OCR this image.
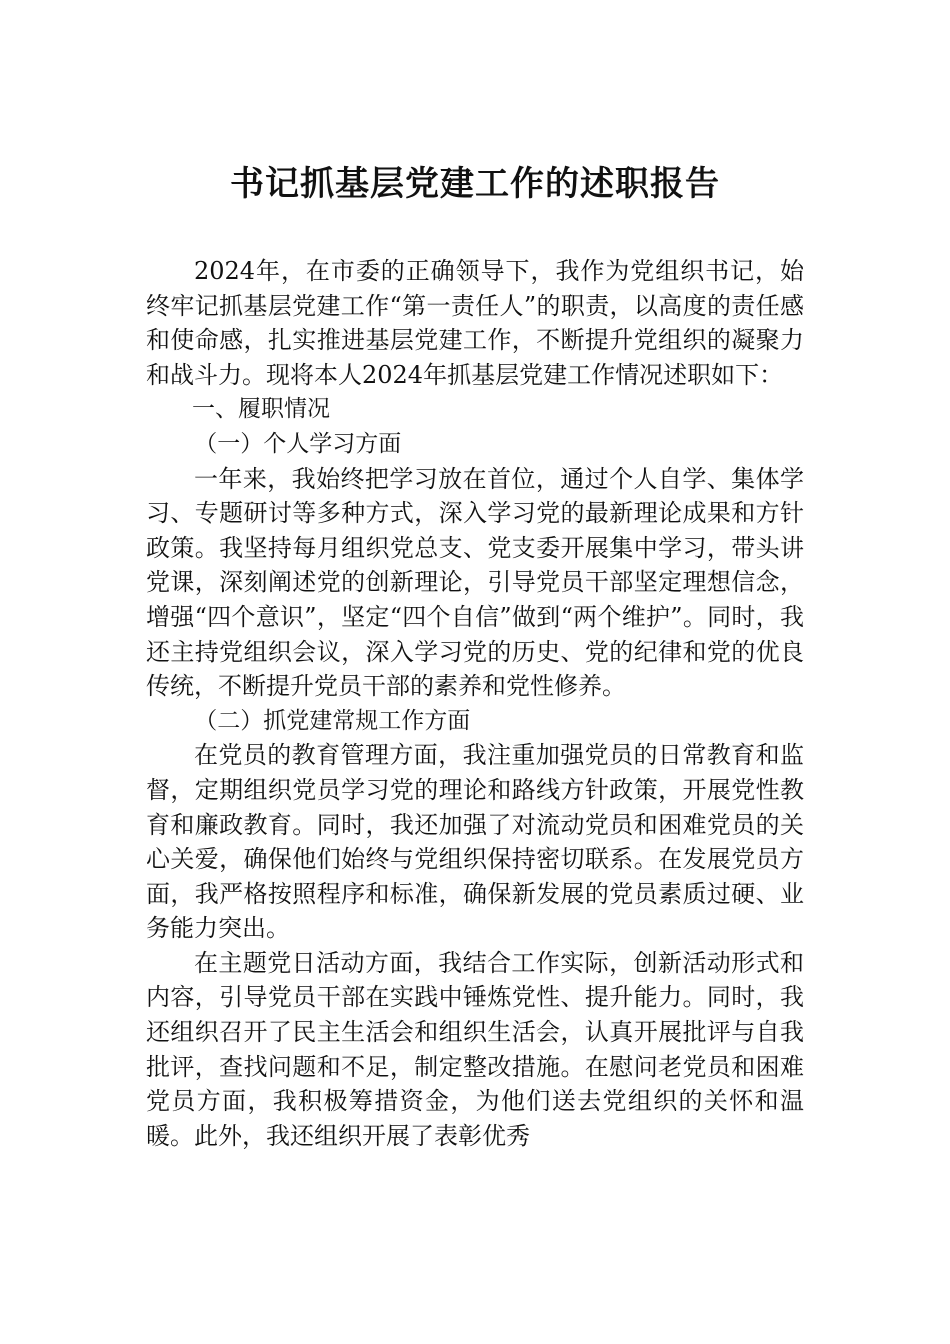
书记抓基层党建工作的述职报告

2024年，在市委的正确领导下，我作为党组织书记，始终牢记抓基层党建工作“第一责任人”的职责，以高度的责任感和使命感，扎实推进基层党建工作，不断提升党组织的凝聚力和战斗力。现将本人2024年抓基层党建工作情况述职如下：

一、履职情况

（一）个人学习方面

一年来，我始终把学习放在首位，通过个人自学、集体学习、专题研讨等多种方式，深入学习党的最新理论成果和方针政策。我坚持每月组织党总支、党支委开展集中学习，带头讲党课，深刻阐述党的创新理论，引导党员干部坚定理想信念，增强“四个意识”，坚定“四个自信”做到“两个维护”。同时，我还主持党组织会议，深入学习党的历史、党的纪律和党的优良传统，不断提升党员干部的素养和党性修养。

（二）抓党建常规工作方面

在党员的教育管理方面，我注重加强党员的日常教育和监督，定期组织党员学习党的理论和路线方针政策，开展党性教育和廉政教育。同时，我还加强了对流动党员和困难党员的关心关爱，确保他们始终与党组织保持密切联系。在发展党员方面，我严格按照程序和标准，确保新发展的党员素质过硬、业务能力突出。

在主题党日活动方面，我结合工作实际，创新活动形式和内容，引导党员干部在实践中锤炼党性、提升能力。同时，我还组织召开了民主生活会和组织生活会，认真开展批评与自我批评，查找问题和不足，制定整改措施。在慰问老党员和困难党员方面，我积极筹措资金，为他们送去党组织的关怀和温暖。此外，我还组织开展了表彰优秀
